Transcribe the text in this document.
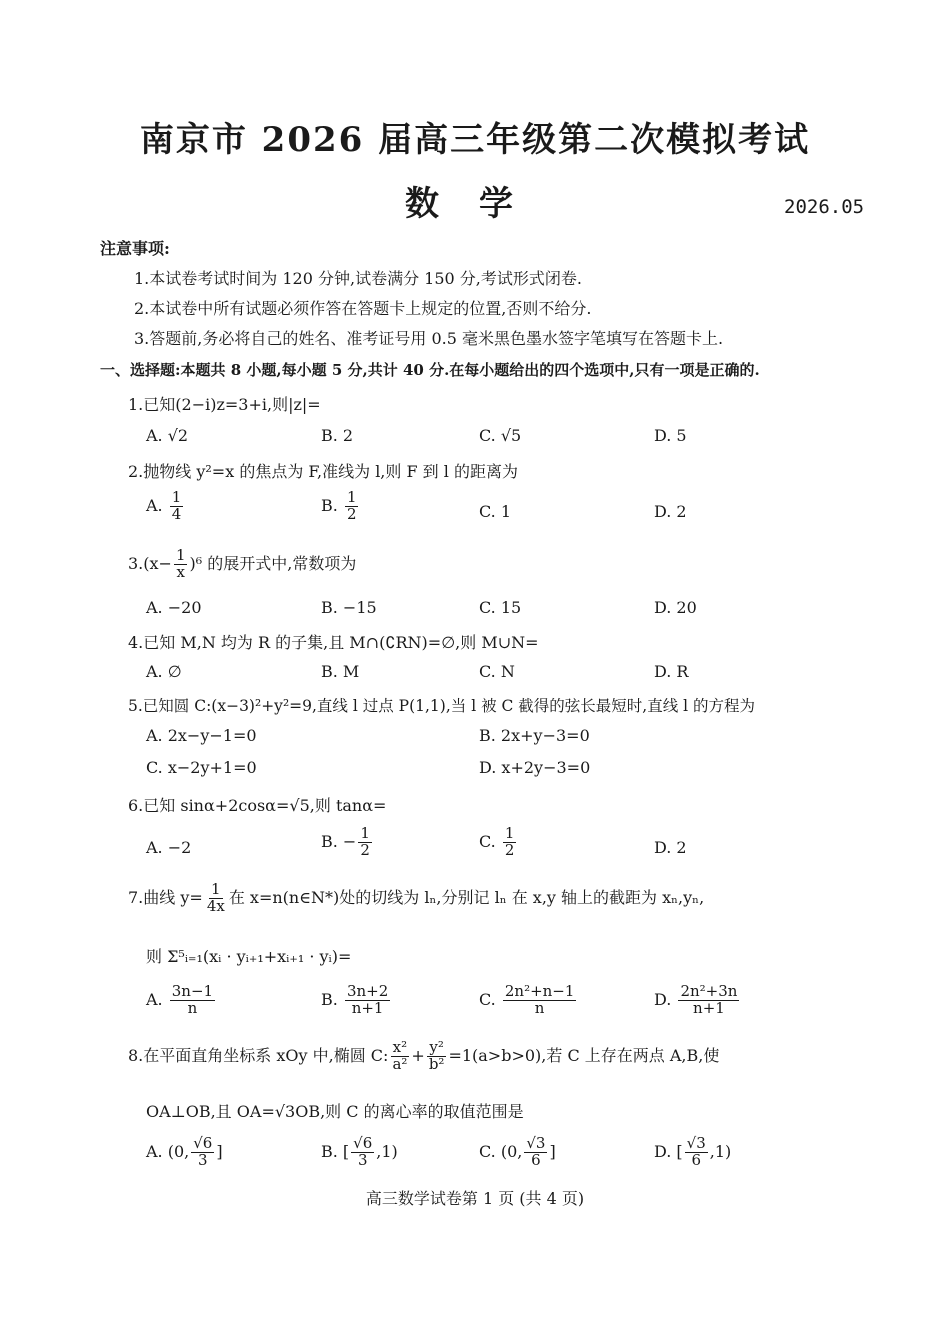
南京市 2026 届高三年级第二次模拟考试
数学	2026.05
注意事项:
1.本试卷考试时间为 120 分钟,试卷满分 150 分,考试形式闭卷.
2.本试卷中所有试题必须作答在答题卡上规定的位置,否则不给分.
3.答题前,务必将自己的姓名、准考证号用 0.5 毫米黑色墨水签字笔填写在答题卡上.
一、选择题:本题共 8 小题,每小题 5 分,共计 40 分.在每小题给出的四个选项中,只有一项是正确的.
1.已知(2−i)z=3+i,则|z|=
A. √2	B. 2	C. √5	D. 5
2.抛物线 y²=x 的焦点为 F,准线为 l,则 F 到 l 的距离为
A. $\frac{1}{4}$	B. $\frac{1}{2}$	C. 1	D. 2
$3.(x- \frac{1}{x} )^6$ 的展开式中,常数项为
A. −20	B. −15	C. 15	D. 20
4.已知 M,N 均为 R 的子集,且 M∩(∁RN)=∅,则 M∪N=
A. ∅	B. M	C. N	D. R
5.已知圆 C:(x−3)²+y²=9,直线 l 过点 P(1,1),当 l 被 C 截得的弦长最短时,直线 l 的方程为
A. 2x−y−1=0	B. 2x+y−3=0
C. x−2y+1=0	D. x+2y−3=0
6.已知 sinα+2cosα=√5,则 tanα=
A. −2	B. − $\frac{1}{2}$	C. $\frac{1}{2}$	D. 2
7.曲线 $y= \frac{1}{4x}$ 在 x=n(n∈N*)处的切线为 lₙ,分别记 lₙ 在 x,y 轴上的截距为 xₙ,yₙ,
则 Σ⁵ᵢ₌₁(xᵢ · yᵢ₊₁+xᵢ₊₁ · yᵢ)=
A. $\frac{3n-1}{n}$	B. $\frac{3n+2}{n+1}$	C. $\frac{\text{2n²+n−1}}{n}$	D. $\frac{\text{2n²+3n}}{n+1}$
8.在平面直角坐标系 xOy 中,椭圆 C: $\frac{\text{x²}}{\text{a²}} + \frac{\text{y²}}{\text{b²}} =1(a>b>0)$,若 C 上存在两点 A,B,使
OA⊥OB,且 OA=√3OB,则 C 的离心率的取值范围是
A. (0, $\frac{√6}{3}$ ]	B. [ $\frac{√6}{3} ,1$)	C. (0, $\frac{√3}{6}$ ]	D. [ $\frac{√3}{6} ,1$)
高三数学试卷第 1 页 (共 4 页)
